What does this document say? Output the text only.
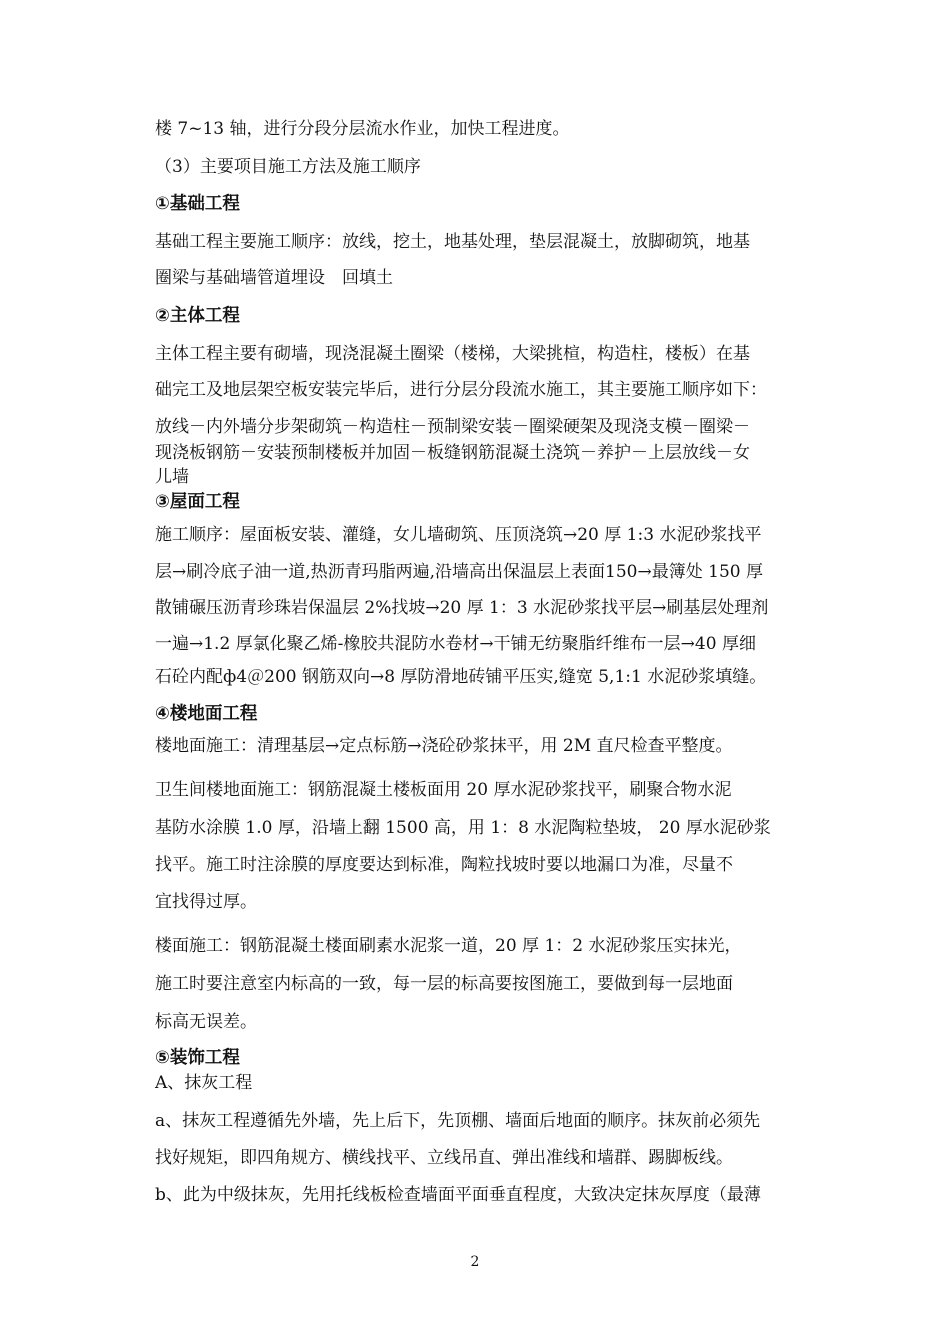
楼 7~13 轴，进行分段分层流水作业，加快工程进度。
（3）主要项目施工方法及施工顺序
①基础工程
基础工程主要施工顺序：放线，挖土，地基处理，垫层混凝土，放脚砌筑，地基
圈梁与基础墙管道埋设　回填土
②主体工程
主体工程主要有砌墙，现浇混凝土圈梁（楼梯，大梁挑楦，构造柱，楼板）在基
础完工及地层架空板安装完毕后，进行分层分段流水施工，其主要施工顺序如下：
放线－内外墙分步架砌筑－构造柱－预制梁安装－圈梁硬架及现浇支模－圈梁－
现浇板钢筋－安装预制楼板并加固－板缝钢筋混凝土浇筑－养护－上层放线－女
儿墙
③屋面工程
施工顺序：屋面板安装、灌缝，女儿墙砌筑、压顶浇筑→20 厚 1:3 水泥砂浆找平
层→刷冷底子油一道,热沥青玛脂两遍,沿墙高出保温层上表面150→最簿处 150 厚
散铺碾压沥青珍珠岩保温层 2%找坡→20 厚 1：3 水泥砂浆找平层→刷基层处理剂
一遍→1.2 厚氯化聚乙烯-橡胶共混防水卷材→干铺无纺聚脂纤维布一层→40 厚细
石砼内配ф4＠200 钢筋双向→8 厚防滑地砖铺平压实,缝宽 5,1:1 水泥砂浆填缝。
④楼地面工程
楼地面施工：清理基层→定点标筋→浇砼砂浆抹平，用 2M 直尺检查平整度。
卫生间楼地面施工：钢筋混凝土楼板面用 20 厚水泥砂浆找平，刷聚合物水泥
基防水涂膜 1.0 厚，沿墙上翻 1500 高，用 1：8 水泥陶粒垫坡， 20 厚水泥砂浆
找平。施工时注涂膜的厚度要达到标准，陶粒找坡时要以地漏口为准，尽量不
宜找得过厚。
楼面施工：钢筋混凝土楼面刷素水泥浆一道，20 厚 1：2 水泥砂浆压实抹光，
施工时要注意室内标高的一致，每一层的标高要按图施工，要做到每一层地面
标高无误差。
⑤装饰工程
A、抹灰工程
a、抹灰工程遵循先外墙，先上后下，先顶棚、墙面后地面的顺序。抹灰前必须先
找好规矩，即四角规方、横线找平、立线吊直、弹出准线和墙群、踢脚板线。
b、此为中级抹灰，先用托线板检查墙面平面垂直程度，大致决定抹灰厚度（最薄
2
